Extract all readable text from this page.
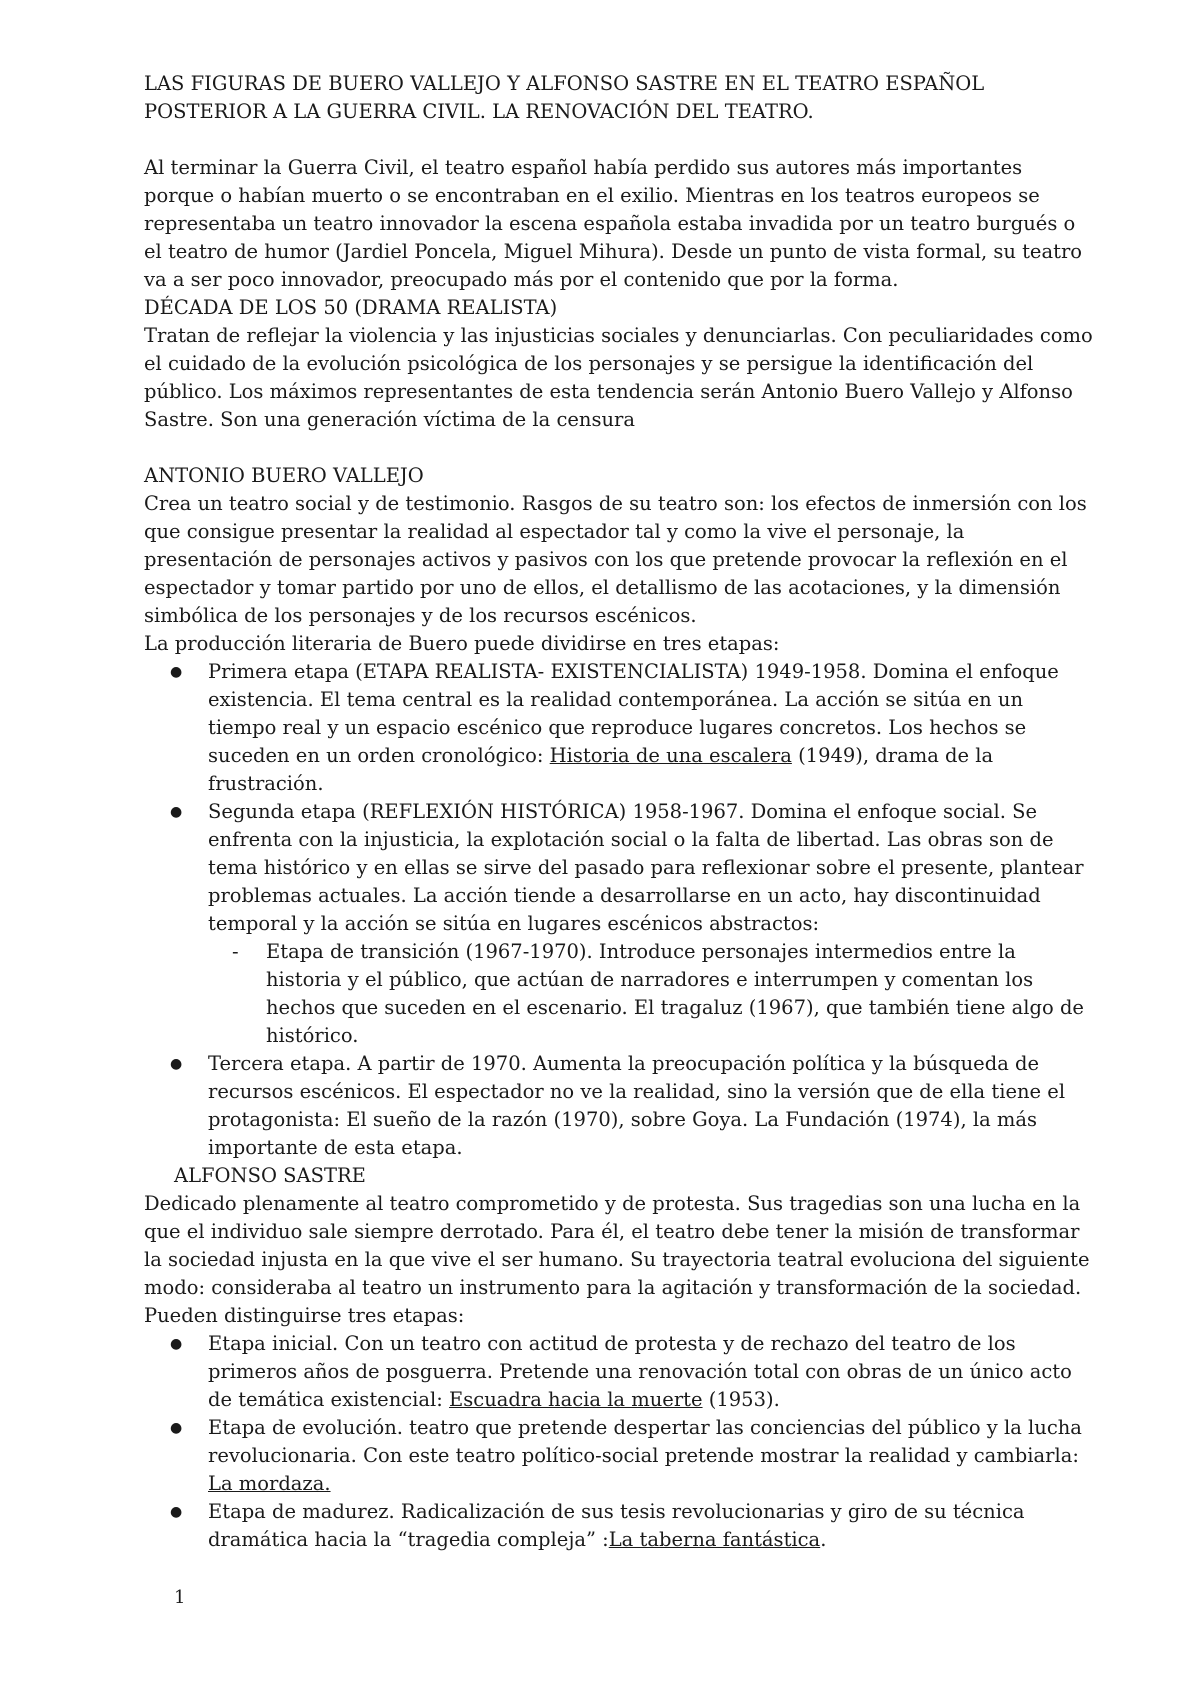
LAS FIGURAS DE BUERO VALLEJO Y ALFONSO SASTRE EN EL TEATRO ESPAÑOL
POSTERIOR A LA GUERRA CIVIL. LA RENOVACIÓN DEL TEATRO.

Al terminar la Guerra Civil, el teatro español había perdido sus autores más importantes porque o habían muerto o se encontraban en el exilio. Mientras en los teatros europeos se representaba un teatro innovador la escena española estaba invadida por un teatro burgués o el teatro de humor (Jardiel Poncela, Miguel Mihura). Desde un punto de vista formal, su teatro va a ser poco innovador, preocupado más por el contenido que por la forma.

DÉCADA DE LOS 50 (DRAMA REALISTA)

Tratan de reflejar la violencia y las injusticias sociales y denunciarlas. Con peculiaridades como el cuidado de la evolución psicológica de los personajes y se persigue la identificación del público. Los máximos representantes de esta tendencia serán Antonio Buero Vallejo y Alfonso Sastre. Son una generación víctima de la censura

ANTONIO BUERO VALLEJO

Crea un teatro social y de testimonio. Rasgos de su teatro son: los efectos de inmersión con los que consigue presentar la realidad al espectador tal y como la vive el personaje, la presentación de personajes activos y pasivos con los que pretende provocar la reflexión en el espectador y tomar partido por uno de ellos, el detallismo de las acotaciones, y la dimensión simbólica de los personajes y de los recursos escénicos.

La producción literaria de Buero puede dividirse en tres etapas:

● Primera etapa (ETAPA REALISTA- EXISTENCIALISTA) 1949-1958. Domina el enfoque existencia. El tema central es la realidad contemporánea. La acción se sitúa en un tiempo real y un espacio escénico que reproduce lugares concretos. Los hechos se suceden en un orden cronológico: Historia de una escalera (1949), drama de la frustración.
● Segunda etapa (REFLEXIÓN HISTÓRICA) 1958-1967. Domina el enfoque social. Se enfrenta con la injusticia, la explotación social o la falta de libertad. Las obras son de tema histórico y en ellas se sirve del pasado para reflexionar sobre el presente, plantear problemas actuales. La acción tiende a desarrollarse en un acto, hay discontinuidad temporal y la acción se sitúa en lugares escénicos abstractos:
- Etapa de transición (1967-1970). Introduce personajes intermedios entre la historia y el público, que actúan de narradores e interrumpen y comentan los hechos que suceden en el escenario. El tragaluz (1967), que también tiene algo de histórico.
● Tercera etapa. A partir de 1970. Aumenta la preocupación política y la búsqueda de recursos escénicos. El espectador no ve la realidad, sino la versión que de ella tiene el protagonista: El sueño de la razón (1970), sobre Goya. La Fundación (1974), la más importante de esta etapa.

ALFONSO SASTRE

Dedicado plenamente al teatro comprometido y de protesta. Sus tragedias son una lucha en la que el individuo sale siempre derrotado. Para él, el teatro debe tener la misión de transformar la sociedad injusta en la que vive el ser humano. Su trayectoria teatral evoluciona del siguiente modo: consideraba al teatro un instrumento para la agitación y transformación de la sociedad. Pueden distinguirse tres etapas:

● Etapa inicial. Con un teatro con actitud de protesta y de rechazo del teatro de los primeros años de posguerra. Pretende una renovación total con obras de un único acto de temática existencial: Escuadra hacia la muerte (1953).
● Etapa de evolución. teatro que pretende despertar las conciencias del público y la lucha revolucionaria. Con este teatro político-social pretende mostrar la realidad y cambiarla: La mordaza.
● Etapa de madurez. Radicalización de sus tesis revolucionarias y giro de su técnica dramática hacia la “tragedia compleja” :La taberna fantástica.
1
